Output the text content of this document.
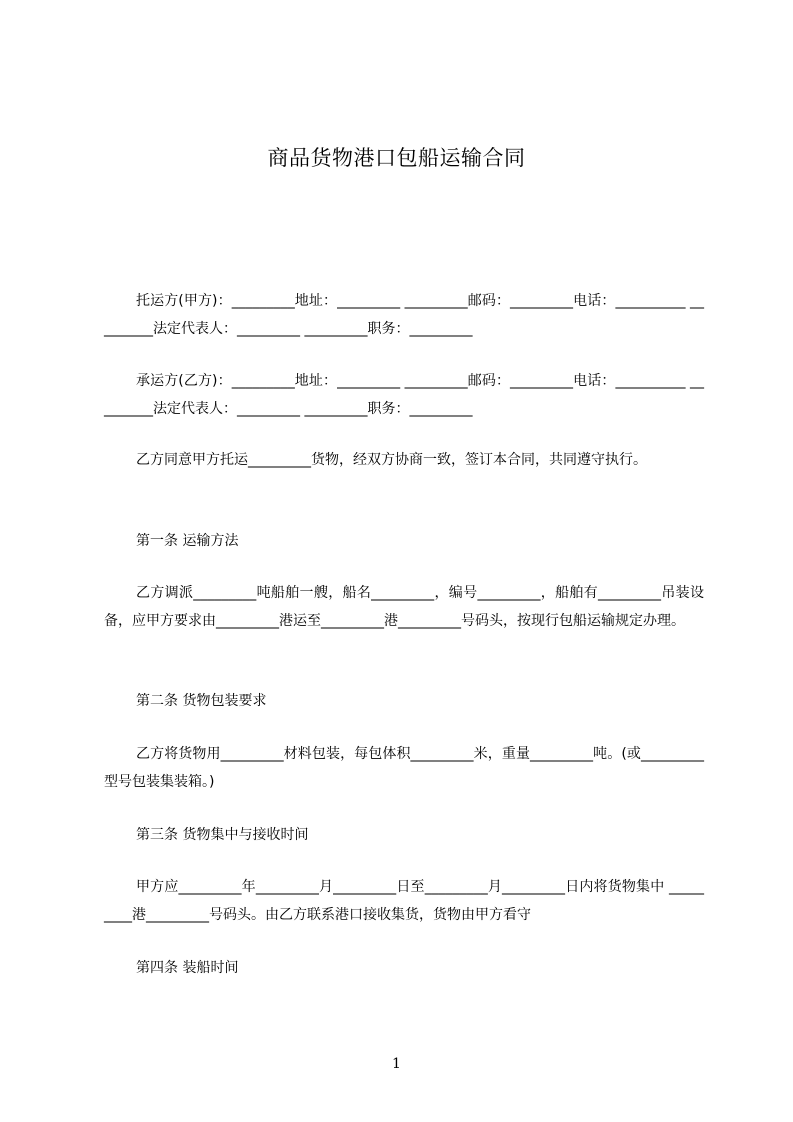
商品货物港口包船运输合同

托运方(甲方)：_________地址：_________ _________邮码：_________电话：__________ _________法定代表人：_________ _________职务：_________

承运方(乙方)：_________地址：_________ _________邮码：_________电话：__________ _________法定代表人：_________ _________职务：_________

乙方同意甲方托运_________货物，经双方协商一致，签订本合同，共同遵守执行。

第一条 运输方法

乙方调派_________吨船舶一艘，船名_________，编号_________，船舶有_________吊装设备，应甲方要求由_________港运至_________港_________号码头，按现行包船运输规定办理。

第二条 货物包装要求

乙方将货物用_________材料包装，每包体积_________米，重量_________吨。(或_________型号包装集装箱。)

第三条 货物集中与接收时间

甲方应_________年_________月_________日至_________月_________日内将货物集中 _________港_________号码头。由乙方联系港口接收集货，货物由甲方看守

第四条 装船时间

1
